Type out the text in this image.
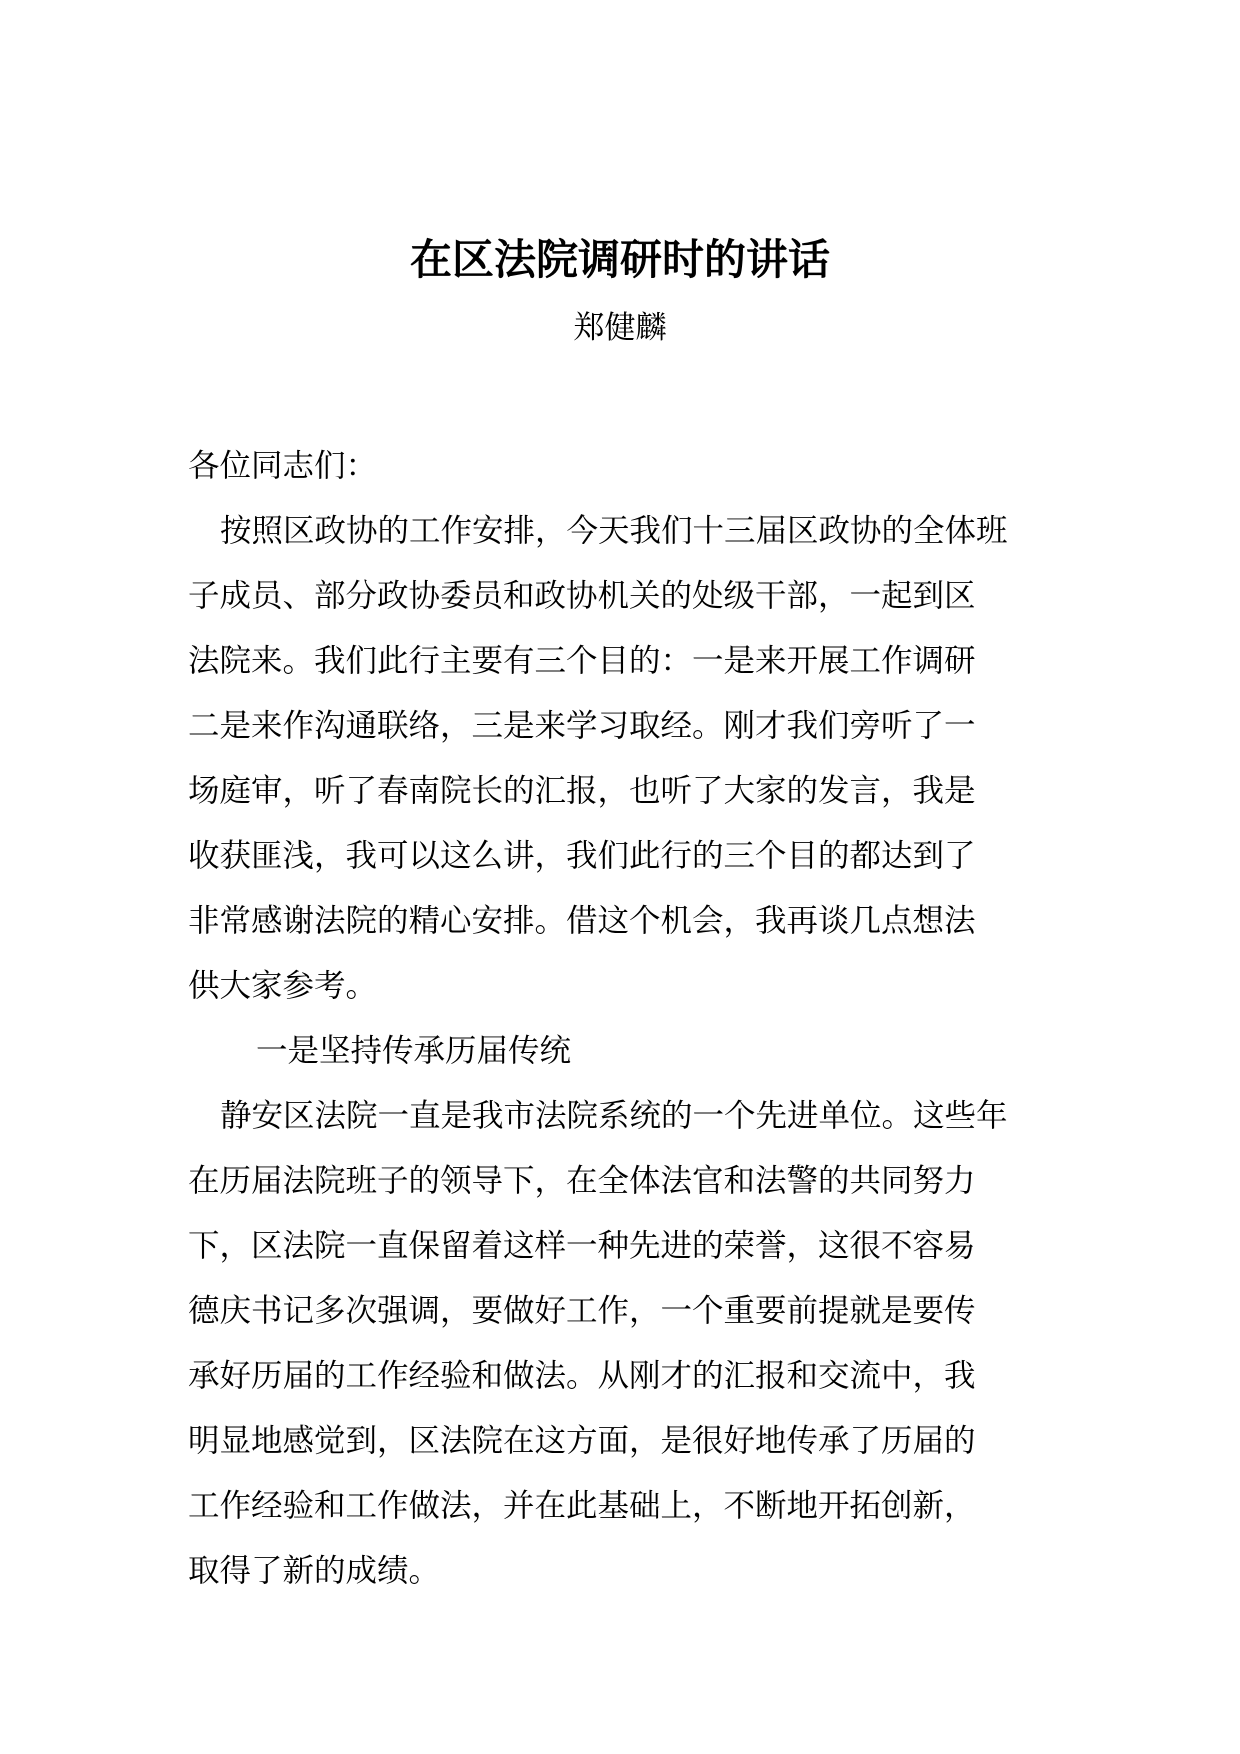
在区法院调研时的讲话
郑健麟
各位同志们：
按照区政协的工作安排，今天我们十三届区政协的全体班
子成员、部分政协委员和政协机关的处级干部，一起到区
法院来。我们此行主要有三个目的：一是来开展工作调研
二是来作沟通联络，三是来学习取经。刚才我们旁听了一
场庭审，听了春南院长的汇报，也听了大家的发言，我是
收获匪浅，我可以这么讲，我们此行的三个目的都达到了
非常感谢法院的精心安排。借这个机会，我再谈几点想法
供大家参考。
一是坚持传承历届传统
静安区法院一直是我市法院系统的一个先进单位。这些年
在历届法院班子的领导下，在全体法官和法警的共同努力
下，区法院一直保留着这样一种先进的荣誉，这很不容易
德庆书记多次强调，要做好工作，一个重要前提就是要传
承好历届的工作经验和做法。从刚才的汇报和交流中，我
明显地感觉到，区法院在这方面，是很好地传承了历届的
工作经验和工作做法，并在此基础上，不断地开拓创新，
取得了新的成绩。
